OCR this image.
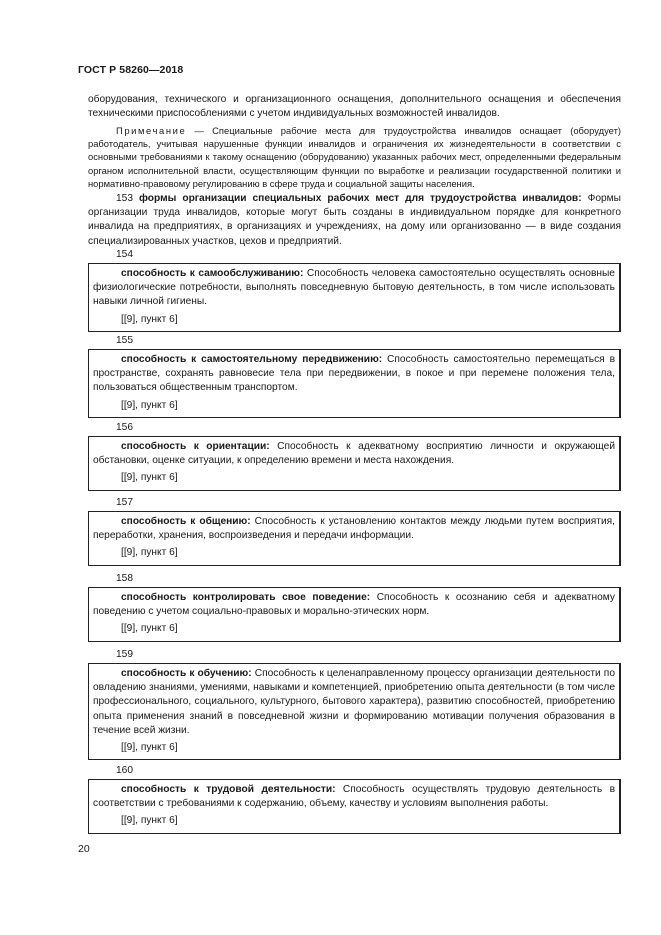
ГОСТ Р 58260—2018

оборудования, технического и организационного оснащения, дополнительного оснащения и обеспечения техническими приспособлениями с учетом индивидуальных возможностей инвалидов.

Примечание — Специальные рабочие места для трудоустройства инвалидов оснащает (оборудует) работодатель, учитывая нарушенные функции инвалидов и ограничения их жизнедеятельности в соответствии с основными требованиями к такому оснащению (оборудованию) указанных рабочих мест, определенными федеральным органом исполнительной власти, осуществляющим функции по выработке и реализации государственной политики и нормативно-правовому регулированию в сфере труда и социальной защиты населения.

153 формы организации специальных рабочих мест для трудоустройства инвалидов: Формы организации труда инвалидов, которые могут быть созданы в индивидуальном порядке для конкретного инвалида на предприятиях, в организациях и учреждениях, на дому или организованно — в виде создания специализированных участков, цехов и предприятий.

154

способность к самообслуживанию: Способность человека самостоятельно осуществлять основные физиологические потребности, выполнять повседневную бытовую деятельность, в том числе использовать навыки личной гигиены.

[[9], пункт 6]

155

способность к самостоятельному передвижению: Способность самостоятельно перемещаться в пространстве, сохранять равновесие тела при передвижении, в покое и при перемене положения тела, пользоваться общественным транспортом.

[[9], пункт 6]

156

способность к ориентации: Способность к адекватному восприятию личности и окружающей обстановки, оценке ситуации, к определению времени и места нахождения.

[[9], пункт 6]

157

способность к общению: Способность к установлению контактов между людьми путем восприятия, переработки, хранения, воспроизведения и передачи информации.

[[9], пункт 6]

158

способность контролировать свое поведение: Способность к осознанию себя и адекватному поведению с учетом социально-правовых и морально-этических норм.

[[9], пункт 6]

159

способность к обучению: Способность к целенаправленному процессу организации деятельности по овладению знаниями, умениями, навыками и компетенцией, приобретению опыта деятельности (в том числе профессионального, социального, культурного, бытового характера), развитию способностей, приобретению опыта применения знаний в повседневной жизни и формированию мотивации получения образования в течение всей жизни.

[[9], пункт 6]

160

способность к трудовой деятельности: Способность осуществлять трудовую деятельность в соответствии с требованиями к содержанию, объему, качеству и условиям выполнения работы.

[[9], пункт 6]

20
